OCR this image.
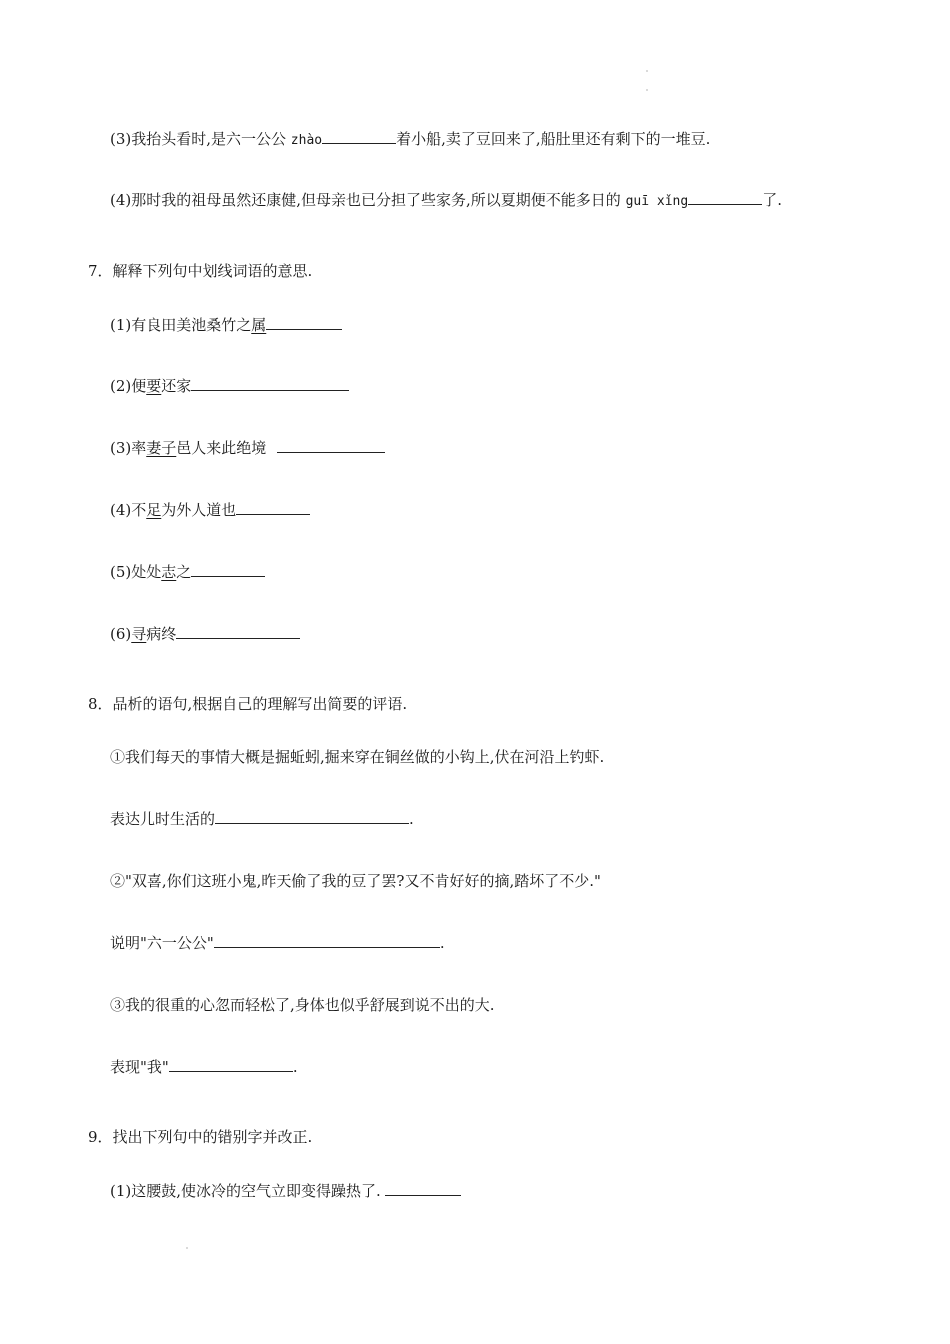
(3)我抬头看时,是六一公公 zhào	着小船,卖了豆回来了,船肚里还有剩下的一堆豆.
(4)那时我的祖母虽然还康健,但母亲也已分担了些家务,所以夏期便不能多日的 guī xǐng	了.
7．解释下列句中划线词语的意思.
(1)有良田美池桑竹之属
(2)便要还家
(3)率妻子邑人来此绝境
(4)不足为外人道也
(5)处处志之
(6)寻病终
8．品析的语句,根据自己的理解写出简要的评语.
①我们每天的事情大概是掘蚯蚓,掘来穿在铜丝做的小钩上,伏在河沿上钓虾.
表达儿时生活的	.
②"双喜,你们这班小鬼,昨天偷了我的豆了罢?又不肯好好的摘,踏坏了不少."
说明"六一公公"	.
③我的很重的心忽而轻松了,身体也似乎舒展到说不出的大.
表现"我"	.
9．找出下列句中的错别字并改正.
(1)这腰鼓,使冰冷的空气立即变得躁热了.
